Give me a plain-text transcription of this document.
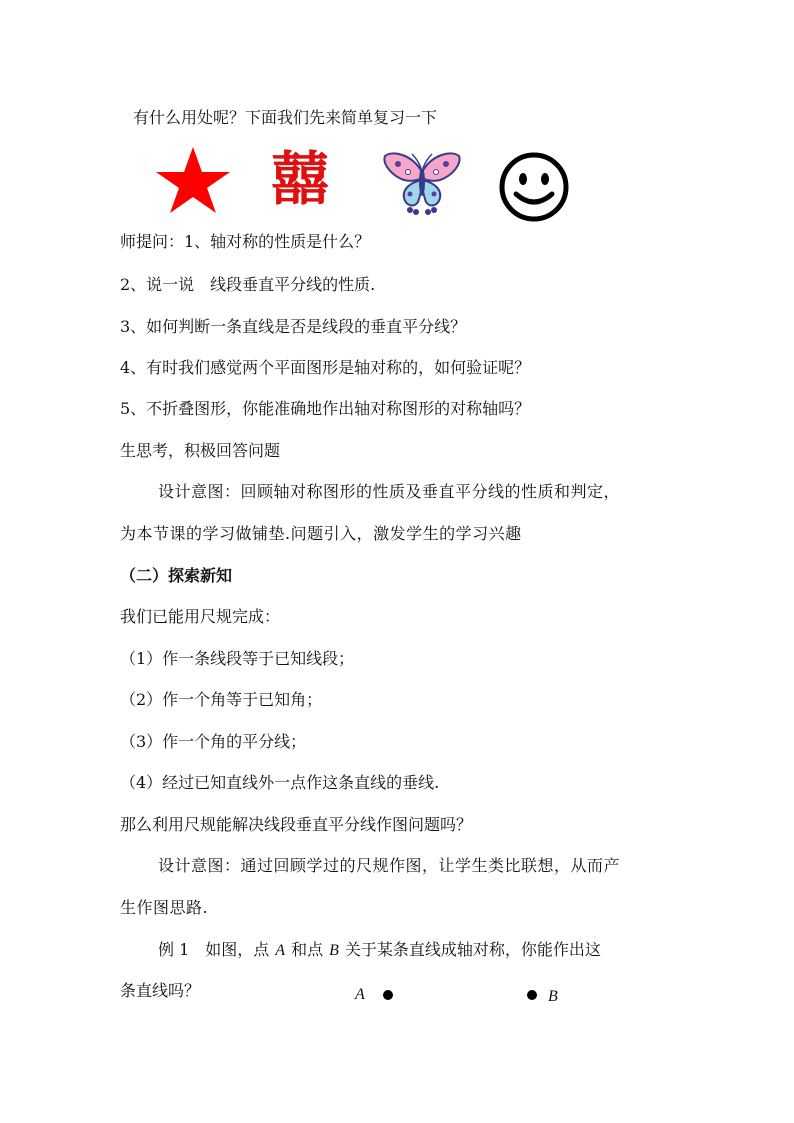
有什么用处呢？下面我们先来简单复习一下
囍
师提问：1、轴对称的性质是什么？
2、说一说　线段垂直平分线的性质.
3、如何判断一条直线是否是线段的垂直平分线？
4、有时我们感觉两个平面图形是轴对称的，如何验证呢？
5、不折叠图形，你能准确地作出轴对称图形的对称轴吗？
生思考，积极回答问题
设计意图：回顾轴对称图形的性质及垂直平分线的性质和判定，
为本节课的学习做铺垫.问题引入，激发学生的学习兴趣
（二）探索新知
我们已能用尺规完成：
（1）作一条线段等于已知线段；
（2）作一个角等于已知角；
（3）作一个角的平分线；
（4）经过已知直线外一点作这条直线的垂线.
那么利用尺规能解决线段垂直平分线作图问题吗？
设计意图：通过回顾学过的尺规作图，让学生类比联想，从而产
生作图思路.
例 1　如图，点 A 和点 B 关于某条直线成轴对称，你能作出这
条直线吗？	A	B
